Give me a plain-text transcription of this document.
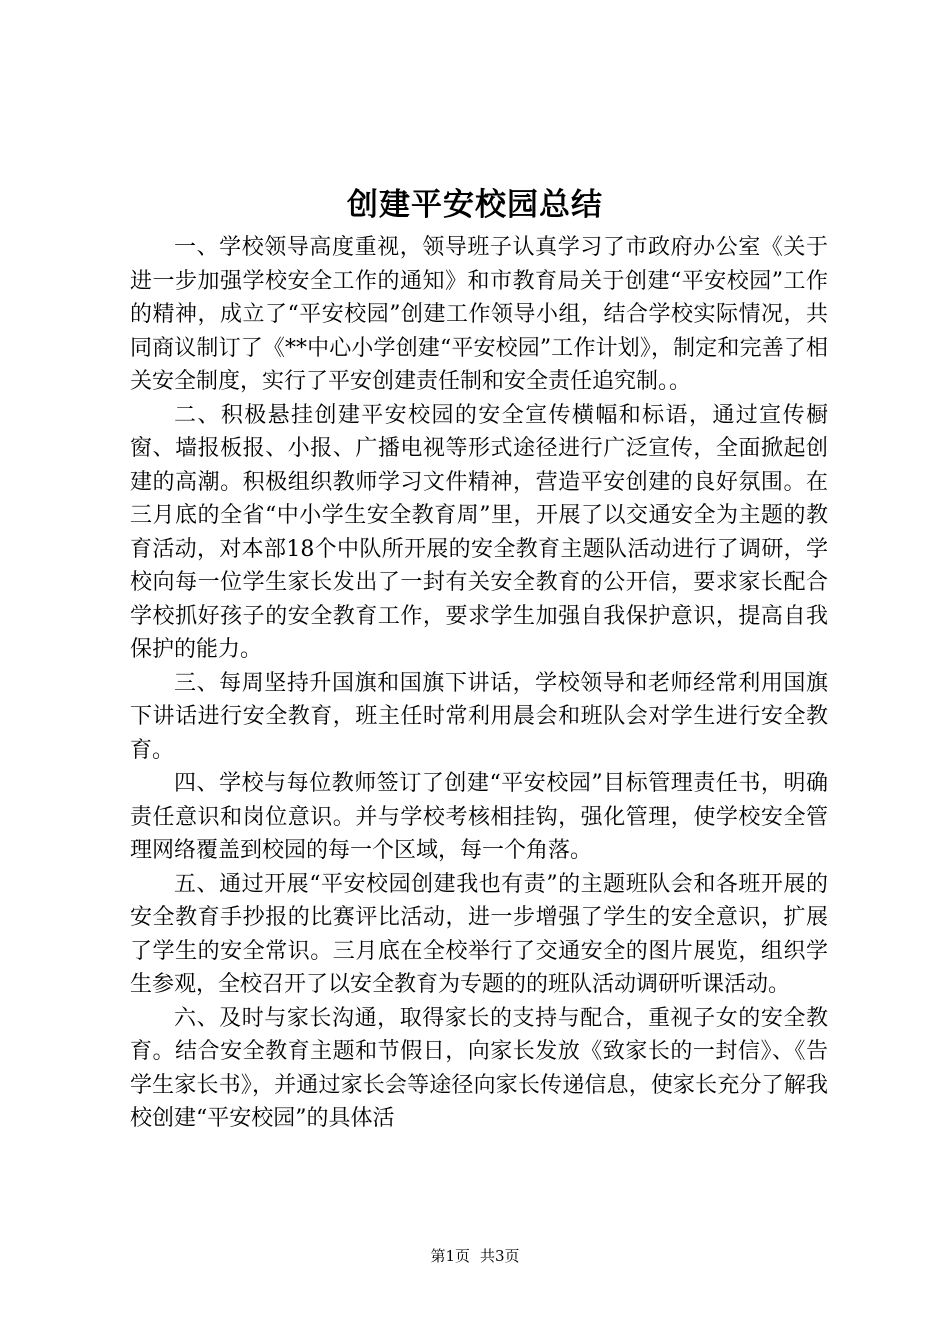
创建平安校园总结

一、学校领导高度重视，领导班子认真学习了市政府办公室《关于进一步加强学校安全工作的通知》和市教育局关于创建“平安校园”工作的精神，成立了“平安校园”创建工作领导小组，结合学校实际情况，共同商议制订了《**中心小学创建“平安校园”工作计划》，制定和完善了相关安全制度，实行了平安创建责任制和安全责任追究制。。

二、积极悬挂创建平安校园的安全宣传横幅和标语，通过宣传橱窗、墙报板报、小报、广播电视等形式途径进行广泛宣传，全面掀起创建的高潮。积极组织教师学习文件精神，营造平安创建的良好氛围。在三月底的全省“中小学生安全教育周”里，开展了以交通安全为主题的教育活动，对本部18个中队所开展的安全教育主题队活动进行了调研，学校向每一位学生家长发出了一封有关安全教育的公开信，要求家长配合学校抓好孩子的安全教育工作，要求学生加强自我保护意识，提高自我保护的能力。

三、每周坚持升国旗和国旗下讲话，学校领导和老师经常利用国旗下讲话进行安全教育，班主任时常利用晨会和班队会对学生进行安全教育。

四、学校与每位教师签订了创建“平安校园”目标管理责任书，明确责任意识和岗位意识。并与学校考核相挂钩，强化管理，使学校安全管理网络覆盖到校园的每一个区域，每一个角落。

五、通过开展“平安校园创建我也有责”的主题班队会和各班开展的安全教育手抄报的比赛评比活动，进一步增强了学生的安全意识，扩展了学生的安全常识。三月底在全校举行了交通安全的图片展览，组织学生参观，全校召开了以安全教育为专题的的班队活动调研听课活动。

六、及时与家长沟通，取得家长的支持与配合，重视子女的安全教育。结合安全教育主题和节假日，向家长发放《致家长的一封信》、《告学生家长书》，并通过家长会等途径向家长传递信息，使家长充分了解我校创建“平安校园”的具体活

第1页 共3页
